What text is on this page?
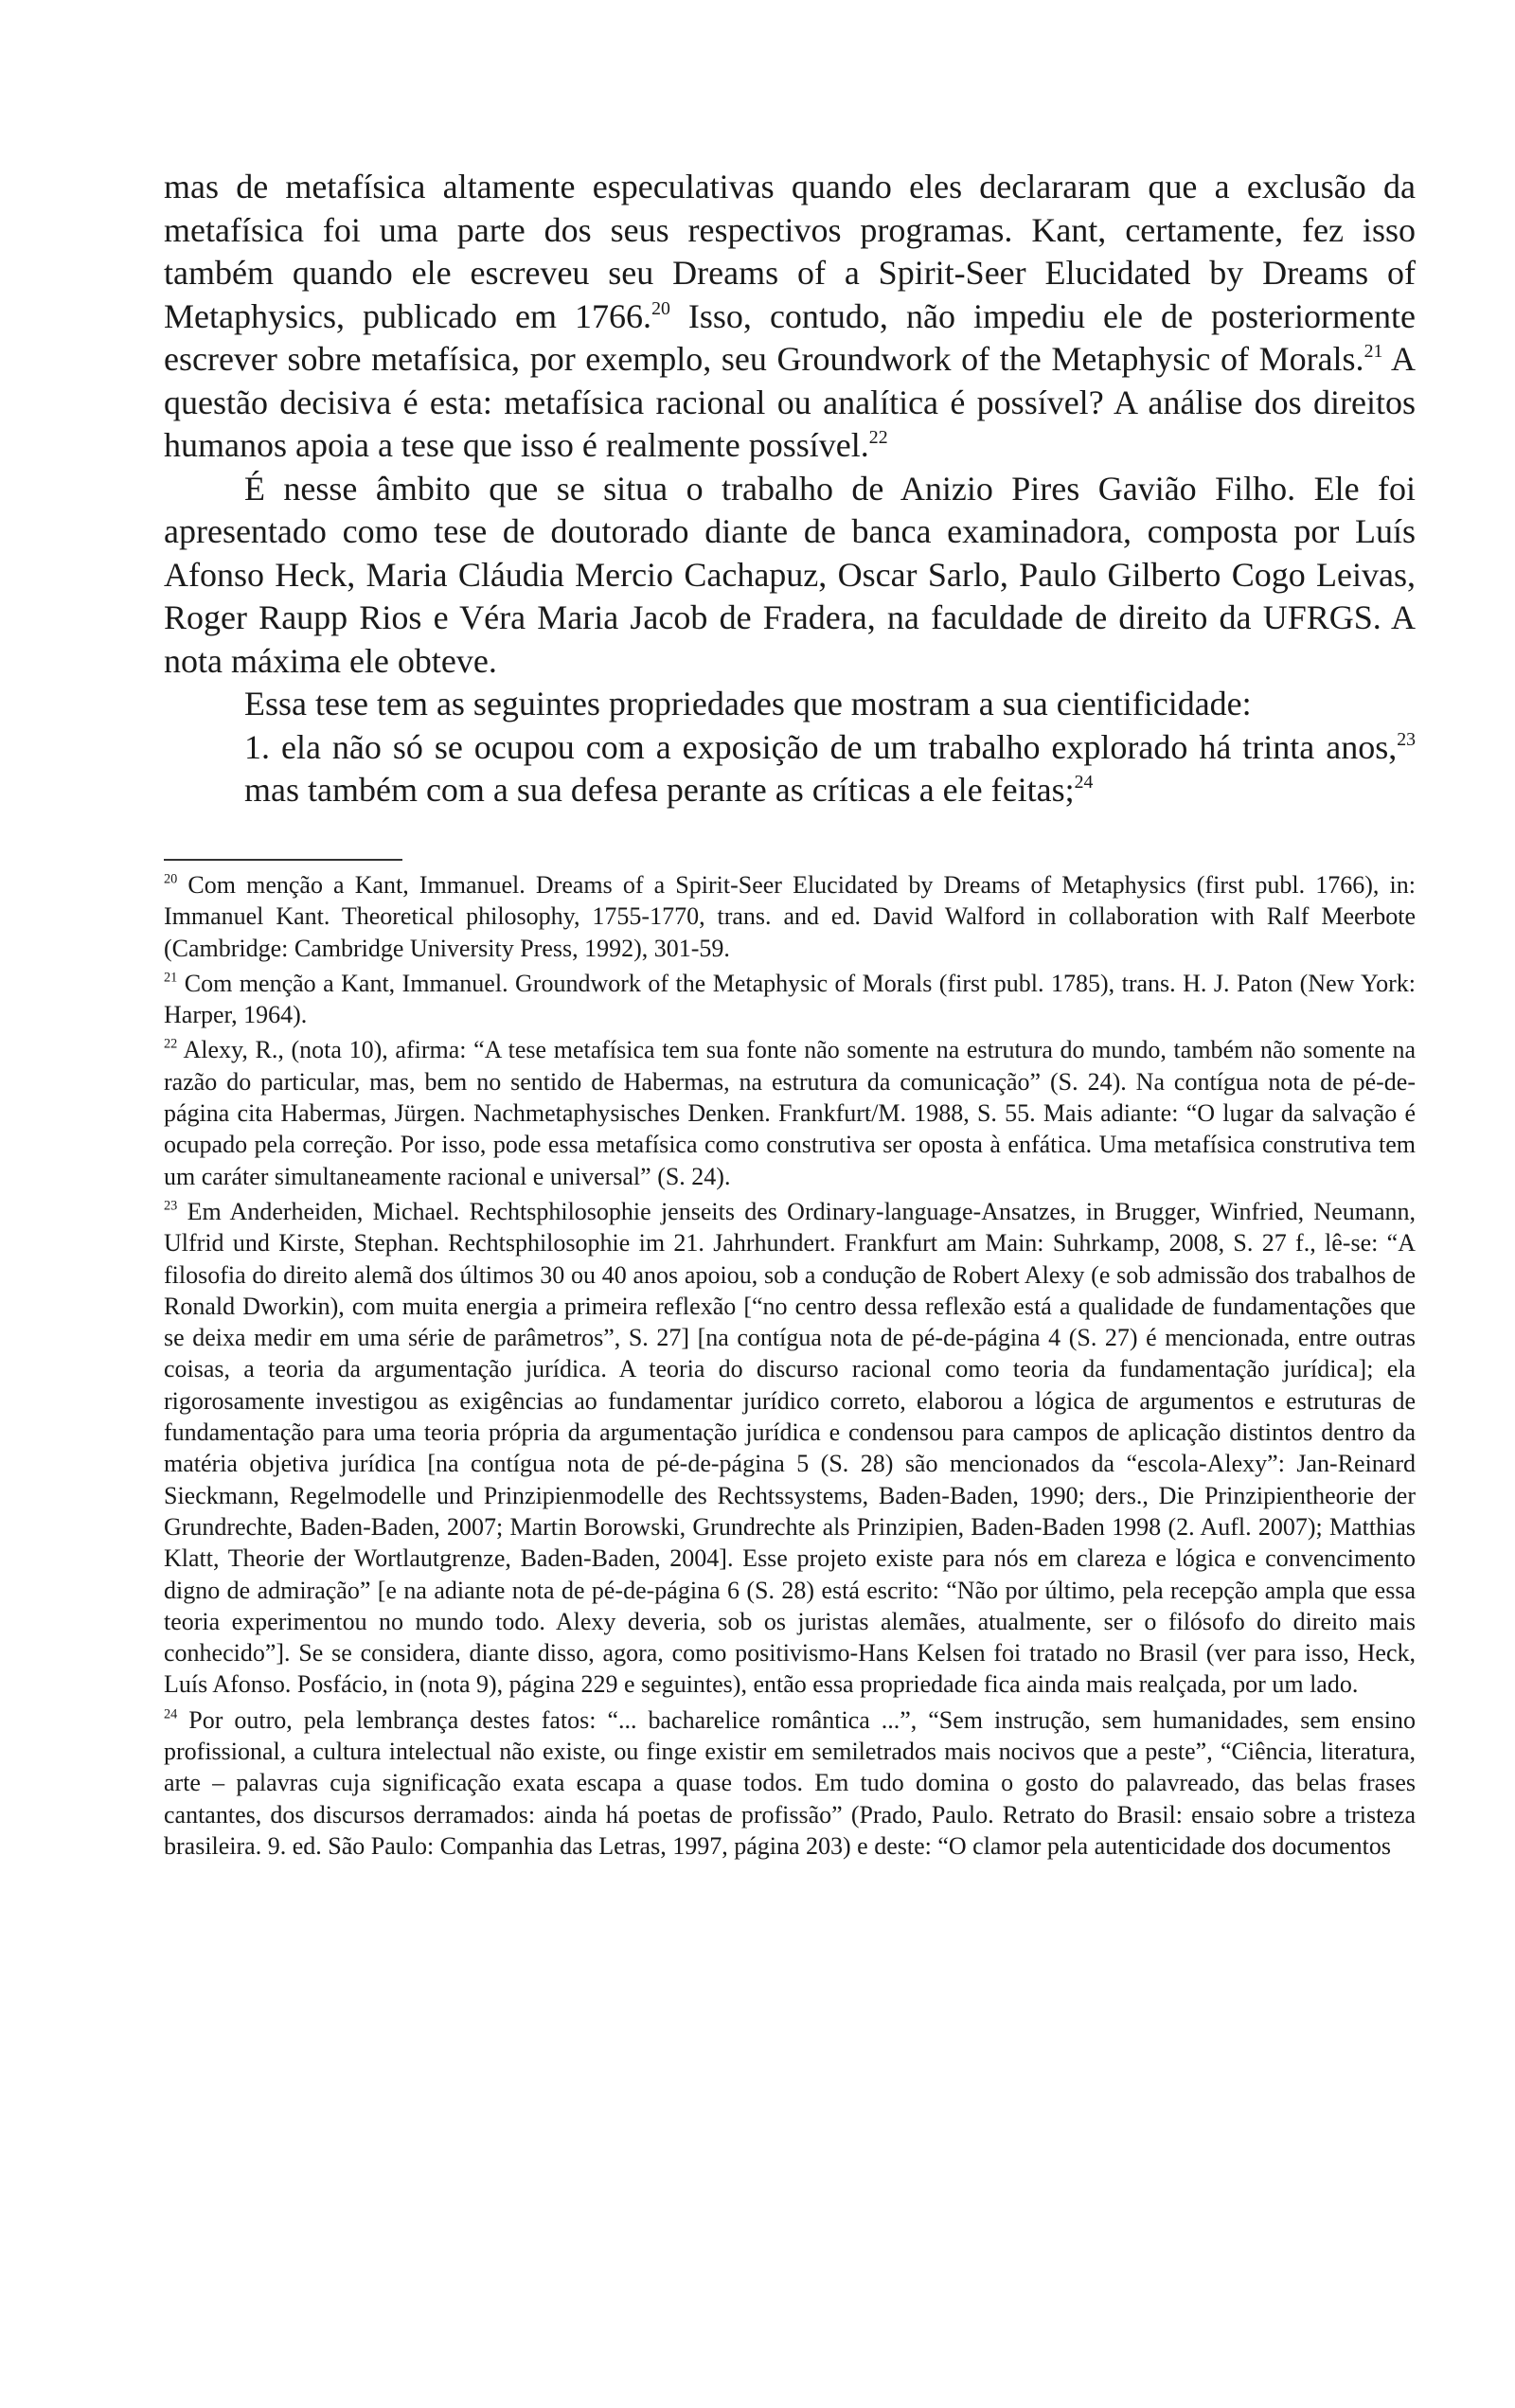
mas de metafísica altamente especulativas quando eles declararam que a exclusão da metafísica foi uma parte dos seus respectivos programas. Kant, certamente, fez isso também quando ele escreveu seu Dreams of a Spirit-Seer Elucidated by Dreams of Metaphysics, publicado em 1766.20 Isso, contudo, não impediu ele de posteriormente escrever sobre metafísica, por exemplo, seu Groundwork of the Metaphysic of Morals.$^{21}$ A questão decisiva é esta: metafísica racional ou analítica é possível? A análise dos direitos humanos apoia a tese que isso é realmente possível.$^{22}$

É nesse âmbito que se situa o trabalho de Anizio Pires Gavião Filho. Ele foi apresentado como tese de doutorado diante de banca examinadora, composta por Luís Afonso Heck, Maria Cláudia Mercio Cachapuz, Oscar Sarlo, Paulo Gilberto Cogo Leivas, Roger Raupp Rios e Véra Maria Jacob de Fradera, na faculdade de direito da UFRGS. A nota máxima ele obteve.

Essa tese tem as seguintes propriedades que mostram a sua cientificidade:

1. ela não só se ocupou com a exposição de um trabalho explorado há trinta anos,$^{23}$ mas também com a sua defesa perante as críticas a ele feitas;$^{24}$

$^{20}$ Com menção a Kant, Immanuel. Dreams of a Spirit-Seer Elucidated by Dreams of Metaphysics (first publ. 1766), in: Immanuel Kant. Theoretical philosophy, 1755-1770, trans. and ed. David Walford in collaboration with Ralf Meerbote (Cambridge: Cambridge University Press, 1992), 301-59.

$^{21}$ Com menção a Kant, Immanuel. Groundwork of the Metaphysic of Morals (first publ. 1785), trans. H. J. Paton (New York: Harper, 1964).

$^{22}$ Alexy, R., (nota 10), afirma: “A tese metafísica tem sua fonte não somente na estrutura do mundo, também não somente na razão do particular, mas, bem no sentido de Habermas, na estrutura da comunicação” (S. 24). Na contígua nota de pé-de-página cita Habermas, Jürgen. Nachmetaphysisches Denken. Frankfurt/M. 1988, S. 55. Mais adiante: “O lugar da salvação é ocupado pela correção. Por isso, pode essa metafísica como construtiva ser oposta à enfática. Uma metafísica construtiva tem um caráter simultaneamente racional e universal” (S. 24).

$^{23}$ Em Anderheiden, Michael. Rechtsphilosophie jenseits des Ordinary-language-Ansatzes, in Brugger, Winfried, Neumann, Ulfrid und Kirste, Stephan. Rechtsphilosophie im 21. Jahrhundert. Frankfurt am Main: Suhrkamp, 2008, S. 27 f., lê-se: “A filosofia do direito alemã dos últimos 30 ou 40 anos apoiou, sob a condução de Robert Alexy (e sob admissão dos trabalhos de Ronald Dworkin), com muita energia a primeira reflexão [“no centro dessa reflexão está a qualidade de fundamentações que se deixa medir em uma série de parâmetros”, S. 27] [na contígua nota de pé-de-página 4 (S. 27) é mencionada, entre outras coisas, a teoria da argumentação jurídica. A teoria do discurso racional como teoria da fundamentação jurídica]; ela rigorosamente investigou as exigências ao fundamentar jurídico correto, elaborou a lógica de argumentos e estruturas de fundamentação para uma teoria própria da argumentação jurídica e condensou para campos de aplicação distintos dentro da matéria objetiva jurídica [na contígua nota de pé-de-página 5 (S. 28) são mencionados da “escola-Alexy”: Jan-Reinard Sieckmann, Regelmodelle und Prinzipienmodelle des Rechtssystems, Baden-Baden, 1990; ders., Die Prinzipientheorie der Grundrechte, Baden-Baden, 2007; Martin Borowski, Grundrechte als Prinzipien, Baden-Baden 1998 (2. Aufl. 2007); Matthias Klatt, Theorie der Wortlautgrenze, Baden-Baden, 2004]. Esse projeto existe para nós em clareza e lógica e convencimento digno de admiração” [e na adiante nota de pé-de-página 6 (S. 28) está escrito: “Não por último, pela recepção ampla que essa teoria experimentou no mundo todo. Alexy deveria, sob os juristas alemães, atualmente, ser o filósofo do direito mais conhecido”]. Se se considera, diante disso, agora, como positivismo-Hans Kelsen foi tratado no Brasil (ver para isso, Heck, Luís Afonso. Posfácio, in (nota 9), página 229 e seguintes), então essa propriedade fica ainda mais realçada, por um lado.

$^{24}$ Por outro, pela lembrança destes fatos: “... bacharelice romântica ...”, “Sem instrução, sem humanidades, sem ensino profissional, a cultura intelectual não existe, ou finge existir em semiletrados mais nocivos que a peste”, “Ciência, literatura, arte – palavras cuja significação exata escapa a quase todos. Em tudo domina o gosto do palavreado, das belas frases cantantes, dos discursos derramados: ainda há poetas de profissão” (Prado, Paulo. Retrato do Brasil: ensaio sobre a tristeza brasileira. 9. ed. São Paulo: Companhia das Letras, 1997, página 203) e deste: “O clamor pela autenticidade dos documentos
